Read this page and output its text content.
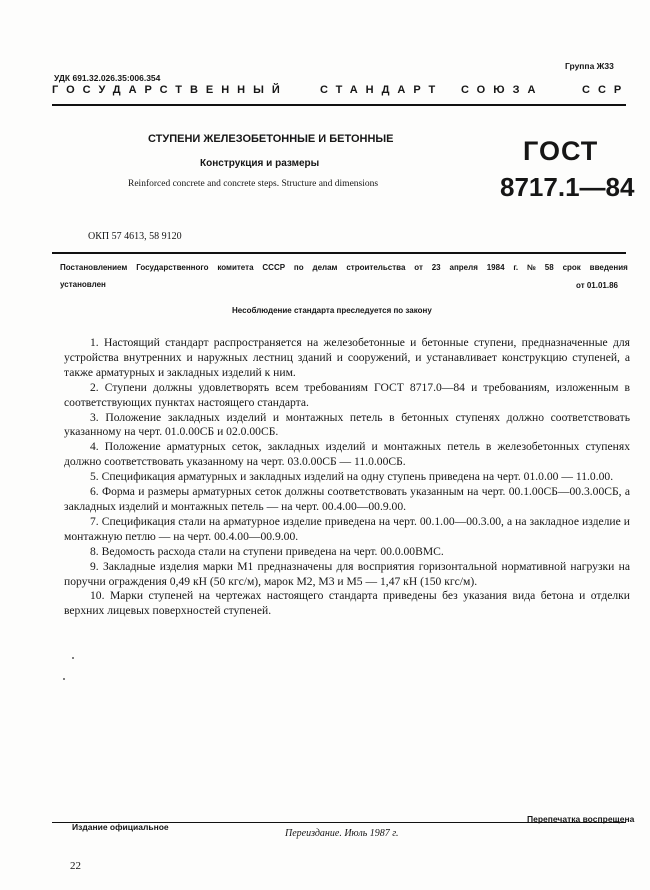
УДК 691.32.026.35:006.354
Группа Ж33
ГОСУДАРСТВЕННЫЙ	СТАНДАРТ СОЮЗА	ССР
СТУПЕНИ ЖЕЛЕЗОБЕТОННЫЕ И БЕТОННЫЕ
Конструкция и размеры
Reinforced concrete and concrete steps. Structure and dimensions
ГОСТ
8717.1—84
ОКП 57 4613, 58 9120
Постановлением Государственного комитета СССР по делам строительства от 23 апреля 1984 г. № 58 срок введения
установлен	от 01.01.86
Несоблюдение стандарта преследуется по закону

1. Настоящий стандарт распространяется на железобетонные и бетонные ступени, предназначенные для устройства внутренних и наружных лестниц зданий и сооружений, и устанавливает конструкцию ступеней, а также арматурных и закладных изделий к ним.

2. Ступени должны удовлетворять всем требованиям ГОСТ 8717.0—84 и требованиям, изложенным в соответствующих пунктах настоящего стандарта.

3. Положение закладных изделий и монтажных петель в бетонных ступенях должно соответствовать указанному на черт. 01.0.00СБ и 02.0.00СБ.

4. Положение арматурных сеток, закладных изделий и монтажных петель в железобетонных ступенях должно соответствовать указанному на черт. 03.0.00СБ — 11.0.00СБ.

5. Спецификация арматурных и закладных изделий на одну ступень приведена на черт. 01.0.00 — 11.0.00.

6. Форма и размеры арматурных сеток должны соответствовать указанным на черт. 00.1.00СБ—00.3.00СБ, а закладных изделий и монтажных петель — на черт. 00.4.00—00.9.00.

7. Спецификация стали на арматурное изделие приведена на черт. 00.1.00—00.3.00, а на закладное изделие и монтажную петлю — на черт. 00.4.00—00.9.00.

8. Ведомость расхода стали на ступени приведена на черт. 00.0.00ВМС.

9. Закладные изделия марки М1 предназначены для восприятия горизонтальной нормативной нагрузки на поручни ограждения 0,49 кН (50 кгс/м), марок М2, М3 и М5 — 1,47 кН (150 кгс/м).

10. Марки ступеней на чертежах настоящего стандарта приведены без указания вида бетона и отделки верхних лицевых поверхностей ступеней.

Издание официальное
Перепечатка воспрещена
Переиздание. Июль 1987 г.
22
